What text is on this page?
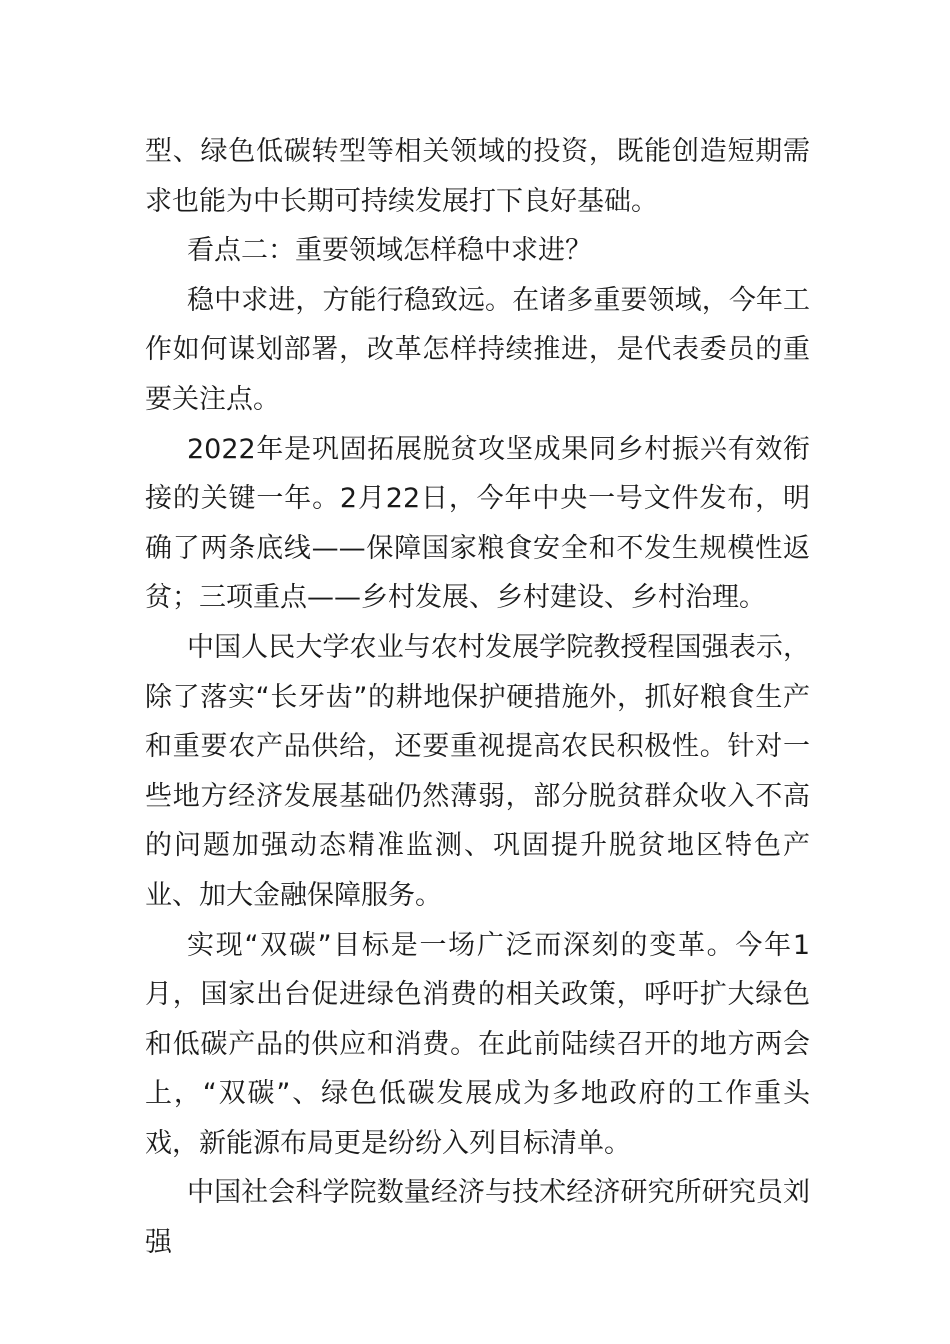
型、绿色低碳转型等相关领域的投资，既能创造短期需求也能为中长期可持续发展打下良好基础。

看点二：重要领域怎样稳中求进？

稳中求进，方能行稳致远。在诸多重要领域，今年工作如何谋划部署，改革怎样持续推进，是代表委员的重要关注点。

2022年是巩固拓展脱贫攻坚成果同乡村振兴有效衔接的关键一年。2月22日，今年中央一号文件发布，明确了两条底线——保障国家粮食安全和不发生规模性返贫；三项重点——乡村发展、乡村建设、乡村治理。

中国人民大学农业与农村发展学院教授程国强表示，除了落实“长牙齿”的耕地保护硬措施外，抓好粮食生产和重要农产品供给，还要重视提高农民积极性。针对一些地方经济发展基础仍然薄弱，部分脱贫群众收入不高的问题加强动态精准监测、巩固提升脱贫地区特色产业、加大金融保障服务。

实现“双碳”目标是一场广泛而深刻的变革。今年1月，国家出台促进绿色消费的相关政策，呼吁扩大绿色和低碳产品的供应和消费。在此前陆续召开的地方两会上，“双碳”、绿色低碳发展成为多地政府的工作重头戏，新能源布局更是纷纷入列目标清单。

中国社会科学院数量经济与技术经济研究所研究员刘强
